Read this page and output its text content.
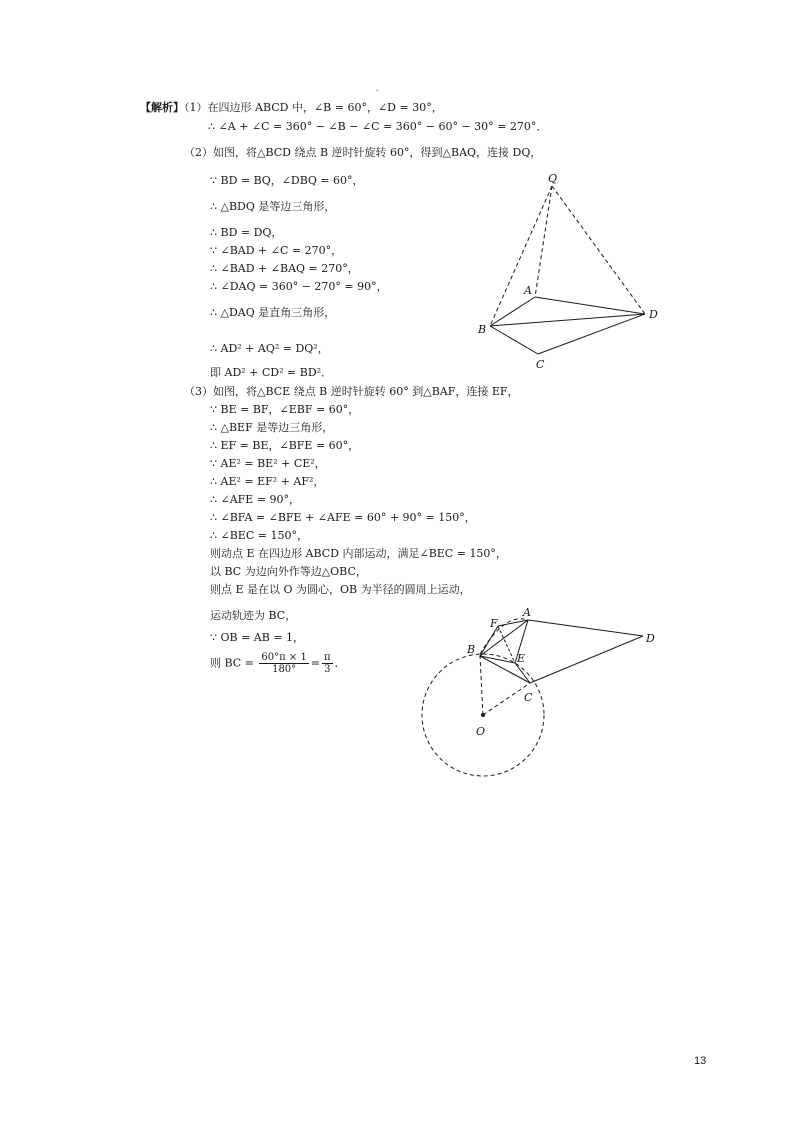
-
【解析】（1）在四边形 ABCD 中，∠B = 60°，∠D = 30°，
∴ ∠A + ∠C = 360° − ∠B − ∠C = 360° − 60° − 30° = 270°．
（2）如图，将△BCD 绕点 B 逆时针旋转 60°，得到△BAQ，连接 DQ，
∵ BD = BQ，∠DBQ = 60°，
∴ △BDQ 是等边三角形，
∴ BD = DQ，
∵ ∠BAD + ∠C = 270°，
∴ ∠BAD + ∠BAQ = 270°，
∴ ∠DAQ = 360° − 270° = 90°，
∴ △DAQ 是直角三角形，
∴ AD² + AQ² = DQ²，
即 AD² + CD² = BD²．
（3）如图，将△BCE 绕点 B 逆时针旋转 60° 到△BAF，连接 EF，
∵ BE = BF，∠EBF = 60°，
∴ △BEF 是等边三角形，
∴ EF = BE，∠BFE = 60°，
∵ AE² = BE² + CE²，
∴ AE² = EF² + AF²，
∴ ∠AFE = 90°，
∴ ∠BFA = ∠BFE + ∠AFE = 60° + 90° = 150°，
∴ ∠BEC = 150°，
则动点 E 在四边形 ABCD 内部运动，满足∠BEC = 150°，
以 BC 为边向外作等边△OBC，
则点 E 是在以 O 为圆心，OB 为半径的圆周上运动，
运动轨迹为 BC，
∵ OB = AB = 1，
则 BC = $\frac{60^\circ\pi \times 1}{180^\circ} = \frac{\pi}{3}$ ．
Q
A
B
C
D
A
F
B
E
C
D
O
13
